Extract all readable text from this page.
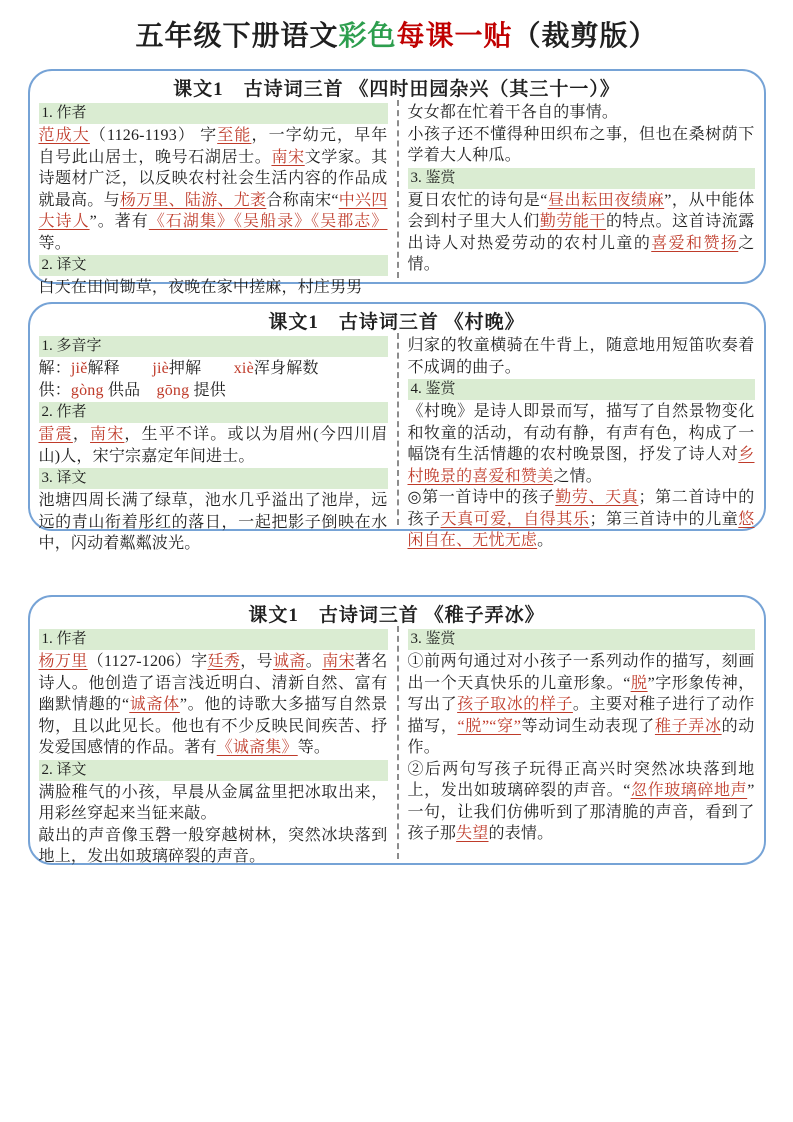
五年级下册语文彩色每课一贴（裁剪版）
课文1　古诗词三首 《四时田园杂兴（其三十一）》
1. 作者

范成大（1126-1193） 字至能，一字幼元，早年自号此山居士，晚号石湖居士。南宋文学家。其诗题材广泛，以反映农村社会生活内容的作品成就最高。与杨万里、陆游、尤袤合称南宋“中兴四大诗人”。著有《石湖集》《吴船录》《吴郡志》等。

2. 译文

白天在田间锄草，夜晚在家中搓麻，村庄男男

女女都在忙着干各自的事情。

小孩子还不懂得种田织布之事，但也在桑树荫下学着大人种瓜。

3. 鉴赏

夏日农忙的诗句是“昼出耘田夜绩麻”，从中能体会到村子里大人们勤劳能干的特点。这首诗流露出诗人对热爱劳动的农村儿童的喜爱和赞扬之情。

课文1　古诗词三首 《村晚》
1. 多音字

解：jiě解释　　jiè押解　　xiè浑身解数

供：gòng 供品　gōng 提供

2. 作者

雷震，南宋，生平不详。或以为眉州(今四川眉山)人，宋宁宗嘉定年间进士。

3. 译文

池塘四周长满了绿草，池水几乎溢出了池岸，远远的青山衔着彤红的落日，一起把影子倒映在水中，闪动着粼粼波光。

归家的牧童横骑在牛背上，随意地用短笛吹奏着不成调的曲子。

4. 鉴赏

《村晚》是诗人即景而写，描写了自然景物变化和牧童的活动，有动有静，有声有色，构成了一幅饶有生活情趣的农村晚景图，抒发了诗人对乡村晚景的喜爱和赞美之情。

◎第一首诗中的孩子勤劳、天真；第二首诗中的孩子天真可爱，自得其乐；第三首诗中的儿童悠闲自在、无忧无虑。

课文1　古诗词三首 《稚子弄冰》
1. 作者

杨万里（1127-1206）字廷秀，号诚斋。南宋著名诗人。他创造了语言浅近明白、清新自然、富有幽默情趣的“诚斋体”。他的诗歌大多描写自然景物，且以此见长。他也有不少反映民间疾苦、抒发爱国感情的作品。著有《诚斋集》等。

2. 译文

满脸稚气的小孩，早晨从金属盆里把冰取出来，用彩丝穿起来当钲来敲。

敲出的声音像玉磬一般穿越树林，突然冰块落到地上，发出如玻璃碎裂的声音。

3. 鉴赏

①前两句通过对小孩子一系列动作的描写，刻画出一个天真快乐的儿童形象。“脱”字形象传神，写出了孩子取冰的样子。主要对稚子进行了动作描写，“脱”“穿”等动词生动表现了稚子弄冰的动作。

②后两句写孩子玩得正高兴时突然冰块落到地上，发出如玻璃碎裂的声音。“忽作玻璃碎地声”一句，让我们仿佛听到了那清脆的声音，看到了孩子那失望的表情。
